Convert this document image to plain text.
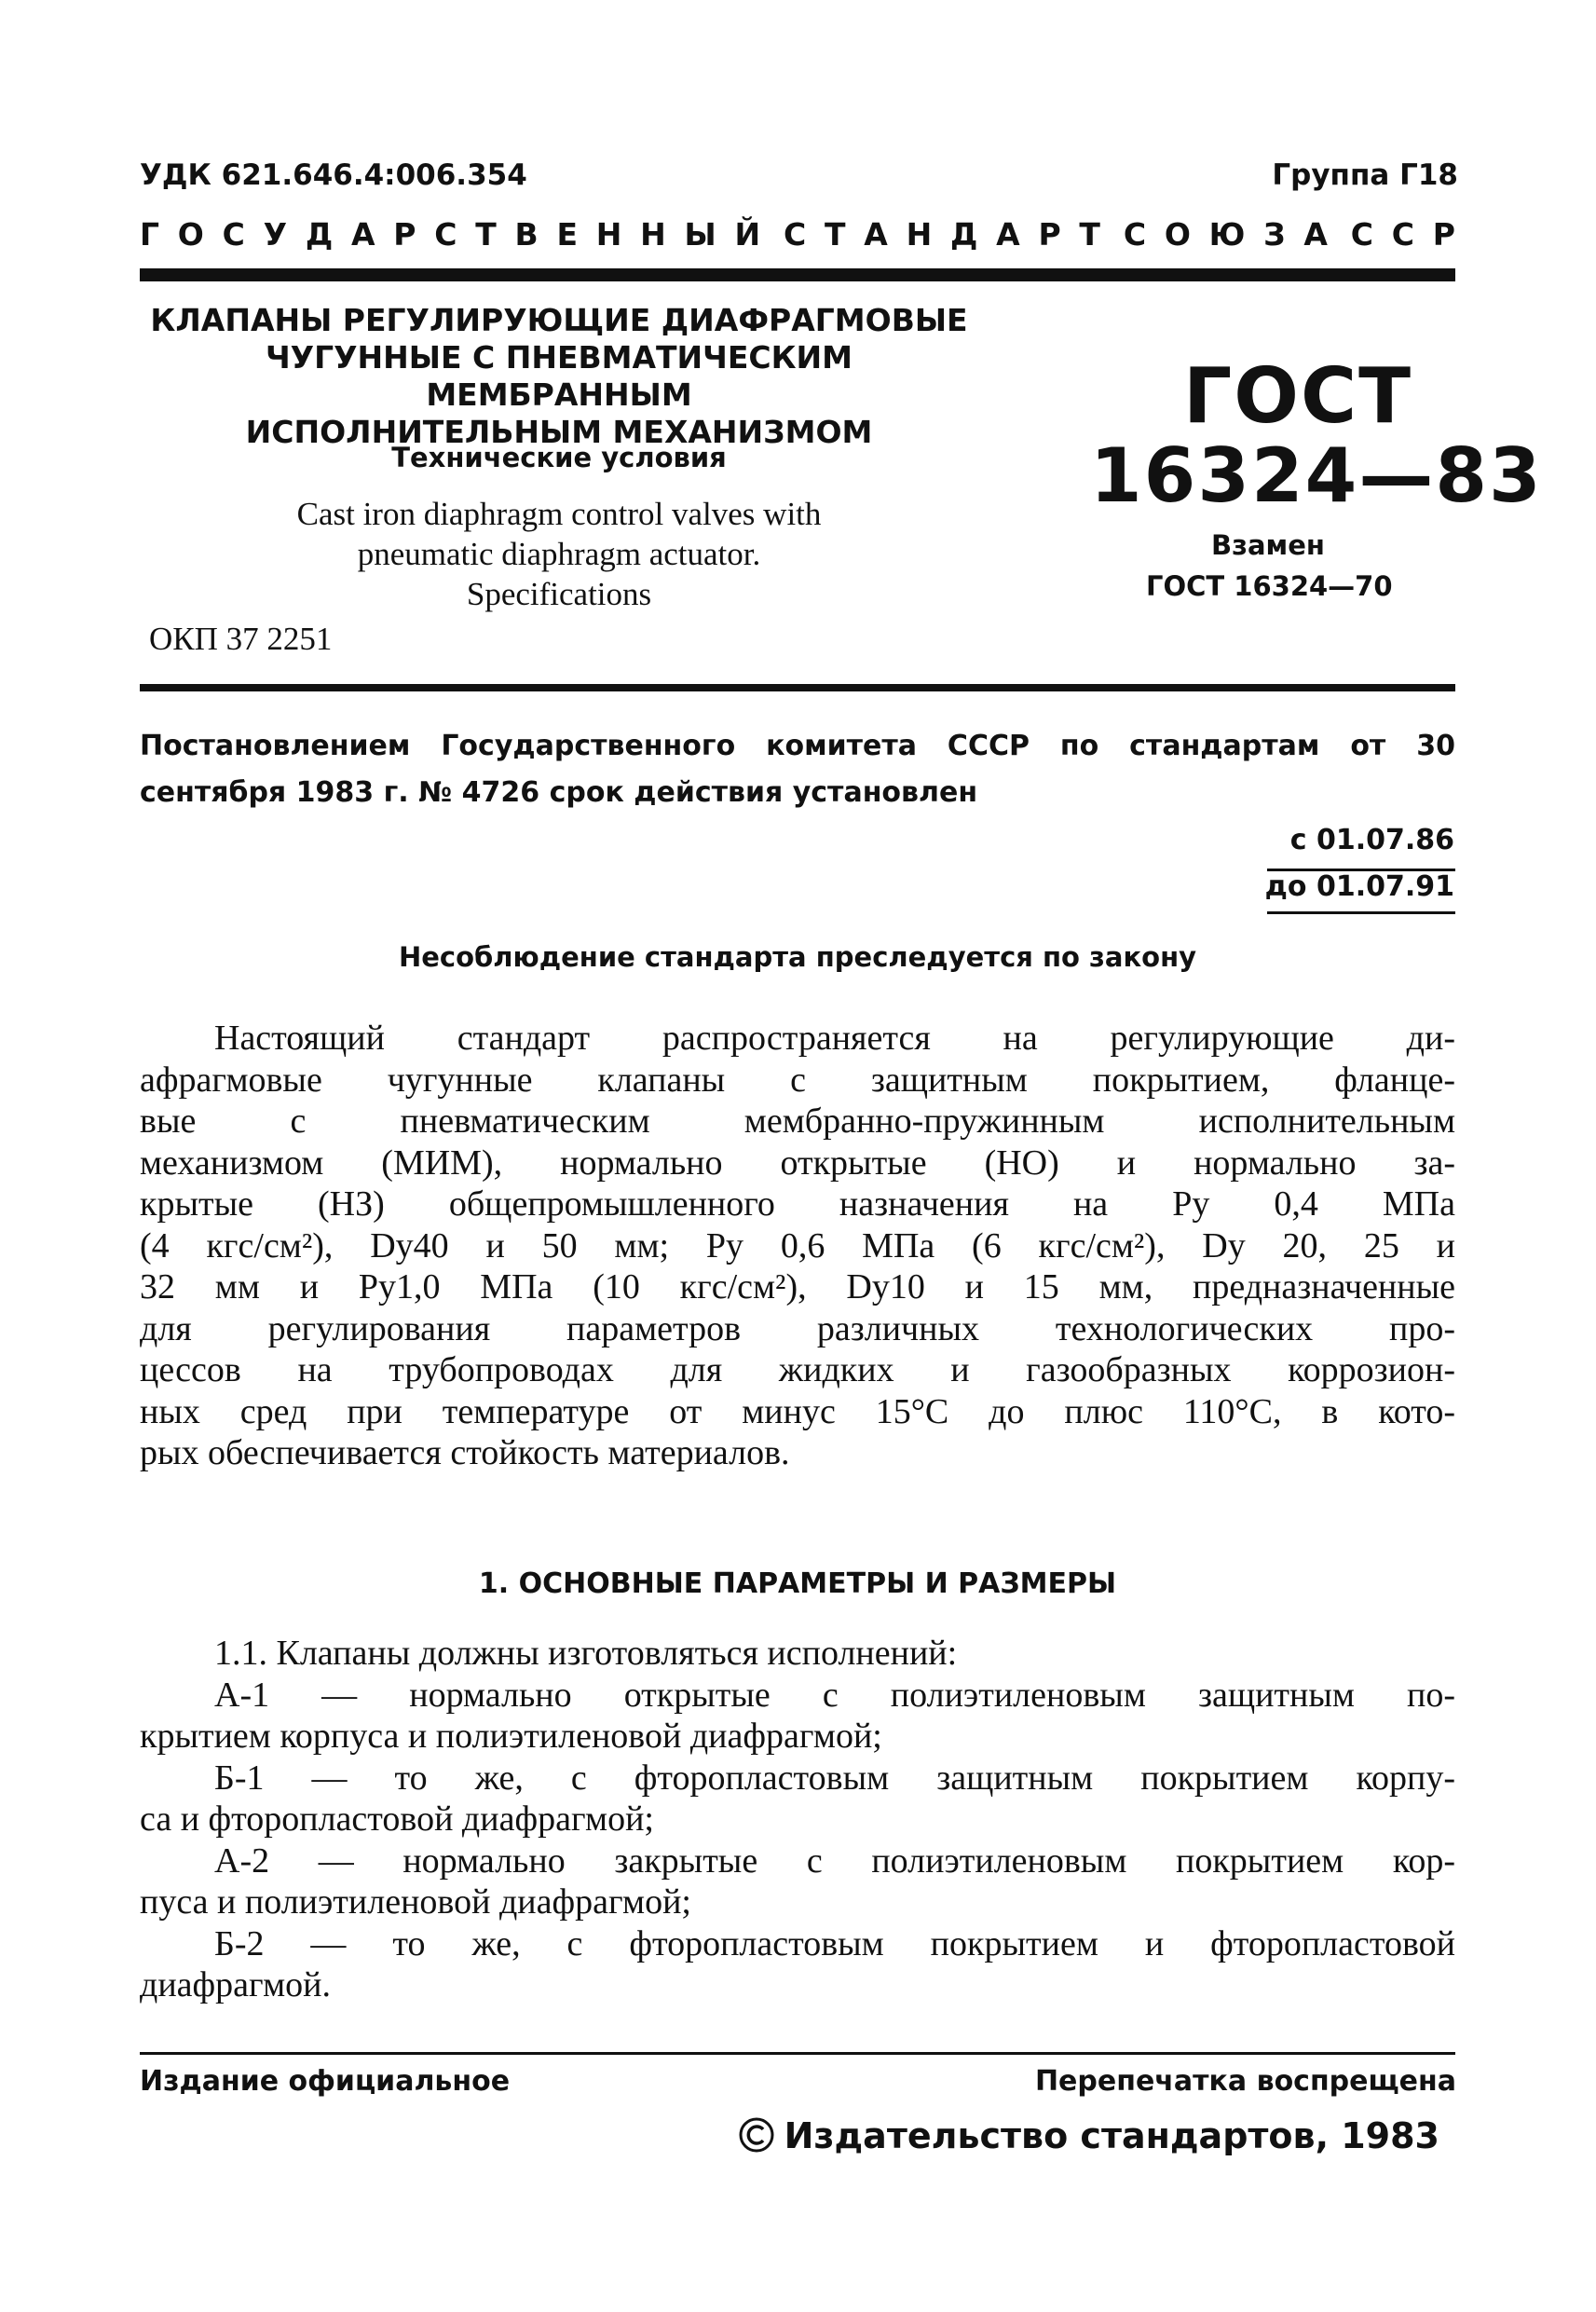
УДК 621.646.4:006.354	Группа Г18
Г   О   С   У   Д   А   Р   С   Т   В   Е   Н   Н   Ы   Й С   Т   А   Н   Д   А   Р   Т С   О   Ю   З   А С   С   Р
КЛАПАНЫ РЕГУЛИРУЮЩИЕ ДИАФРАГМОВЫЕ
ЧУГУННЫЕ С ПНЕВМАТИЧЕСКИМ МЕМБРАННЫМ
ИСПОЛНИТЕЛЬНЫМ МЕХАНИЗМОМ
Технические условия
Cast iron diaphragm control valves with
pneumatic diaphragm actuator.
Specifications
ОКП 37 2251
ГОСТ
16324—83
Взамен
ГОСТ 16324—70
Постановлением Государственного комитета СССР по стандартам от 30 сентября 1983 г. № 4726 срок действия установлен
с 01.07.86
до 01.07.91
Несоблюдение стандарта преследуется по закону
Настоящий стандарт распространяется на регулирующие ди-
афрагмовые чугунные клапаны с защитным покрытием, фланце-
вые с пневматическим мембранно-пружинным исполнительным
механизмом (МИМ), нормально открытые (НО) и нормально за-
крытые (НЗ) общепромышленного назначения на Pу 0,4 МПа
(4 кгс/см²), Dу40 и 50 мм; Pу 0,6 МПа (6 кгс/см²), Dу 20, 25 и
32 мм и Pу1,0 МПа (10 кгс/см²), Dу10 и 15 мм, предназначенные
для регулирования параметров различных технологических про-
цессов на трубопроводах для жидких и газообразных коррозион-
ных сред при температуре от минус 15°С до плюс 110°С, в кото-
рых обеспечивается стойкость материалов.
1. ОСНОВНЫЕ ПАРАМЕТРЫ И РАЗМЕРЫ
1.1. Клапаны должны изготовляться исполнений:
А-1 — нормально открытые с полиэтиленовым защитным по-
крытием корпуса и полиэтиленовой диафрагмой;
Б-1 — то же, с фторопластовым защитным покрытием корпу-
са и фторопластовой диафрагмой;
А-2 — нормально закрытые с полиэтиленовым покрытием кор-
пуса и полиэтиленовой диафрагмой;
Б-2 — то же, с фторопластовым покрытием и фторопластовой
диафрагмой.
Издание официальное	Перепечатка воспрещена
Издательство стандартов, 1983
